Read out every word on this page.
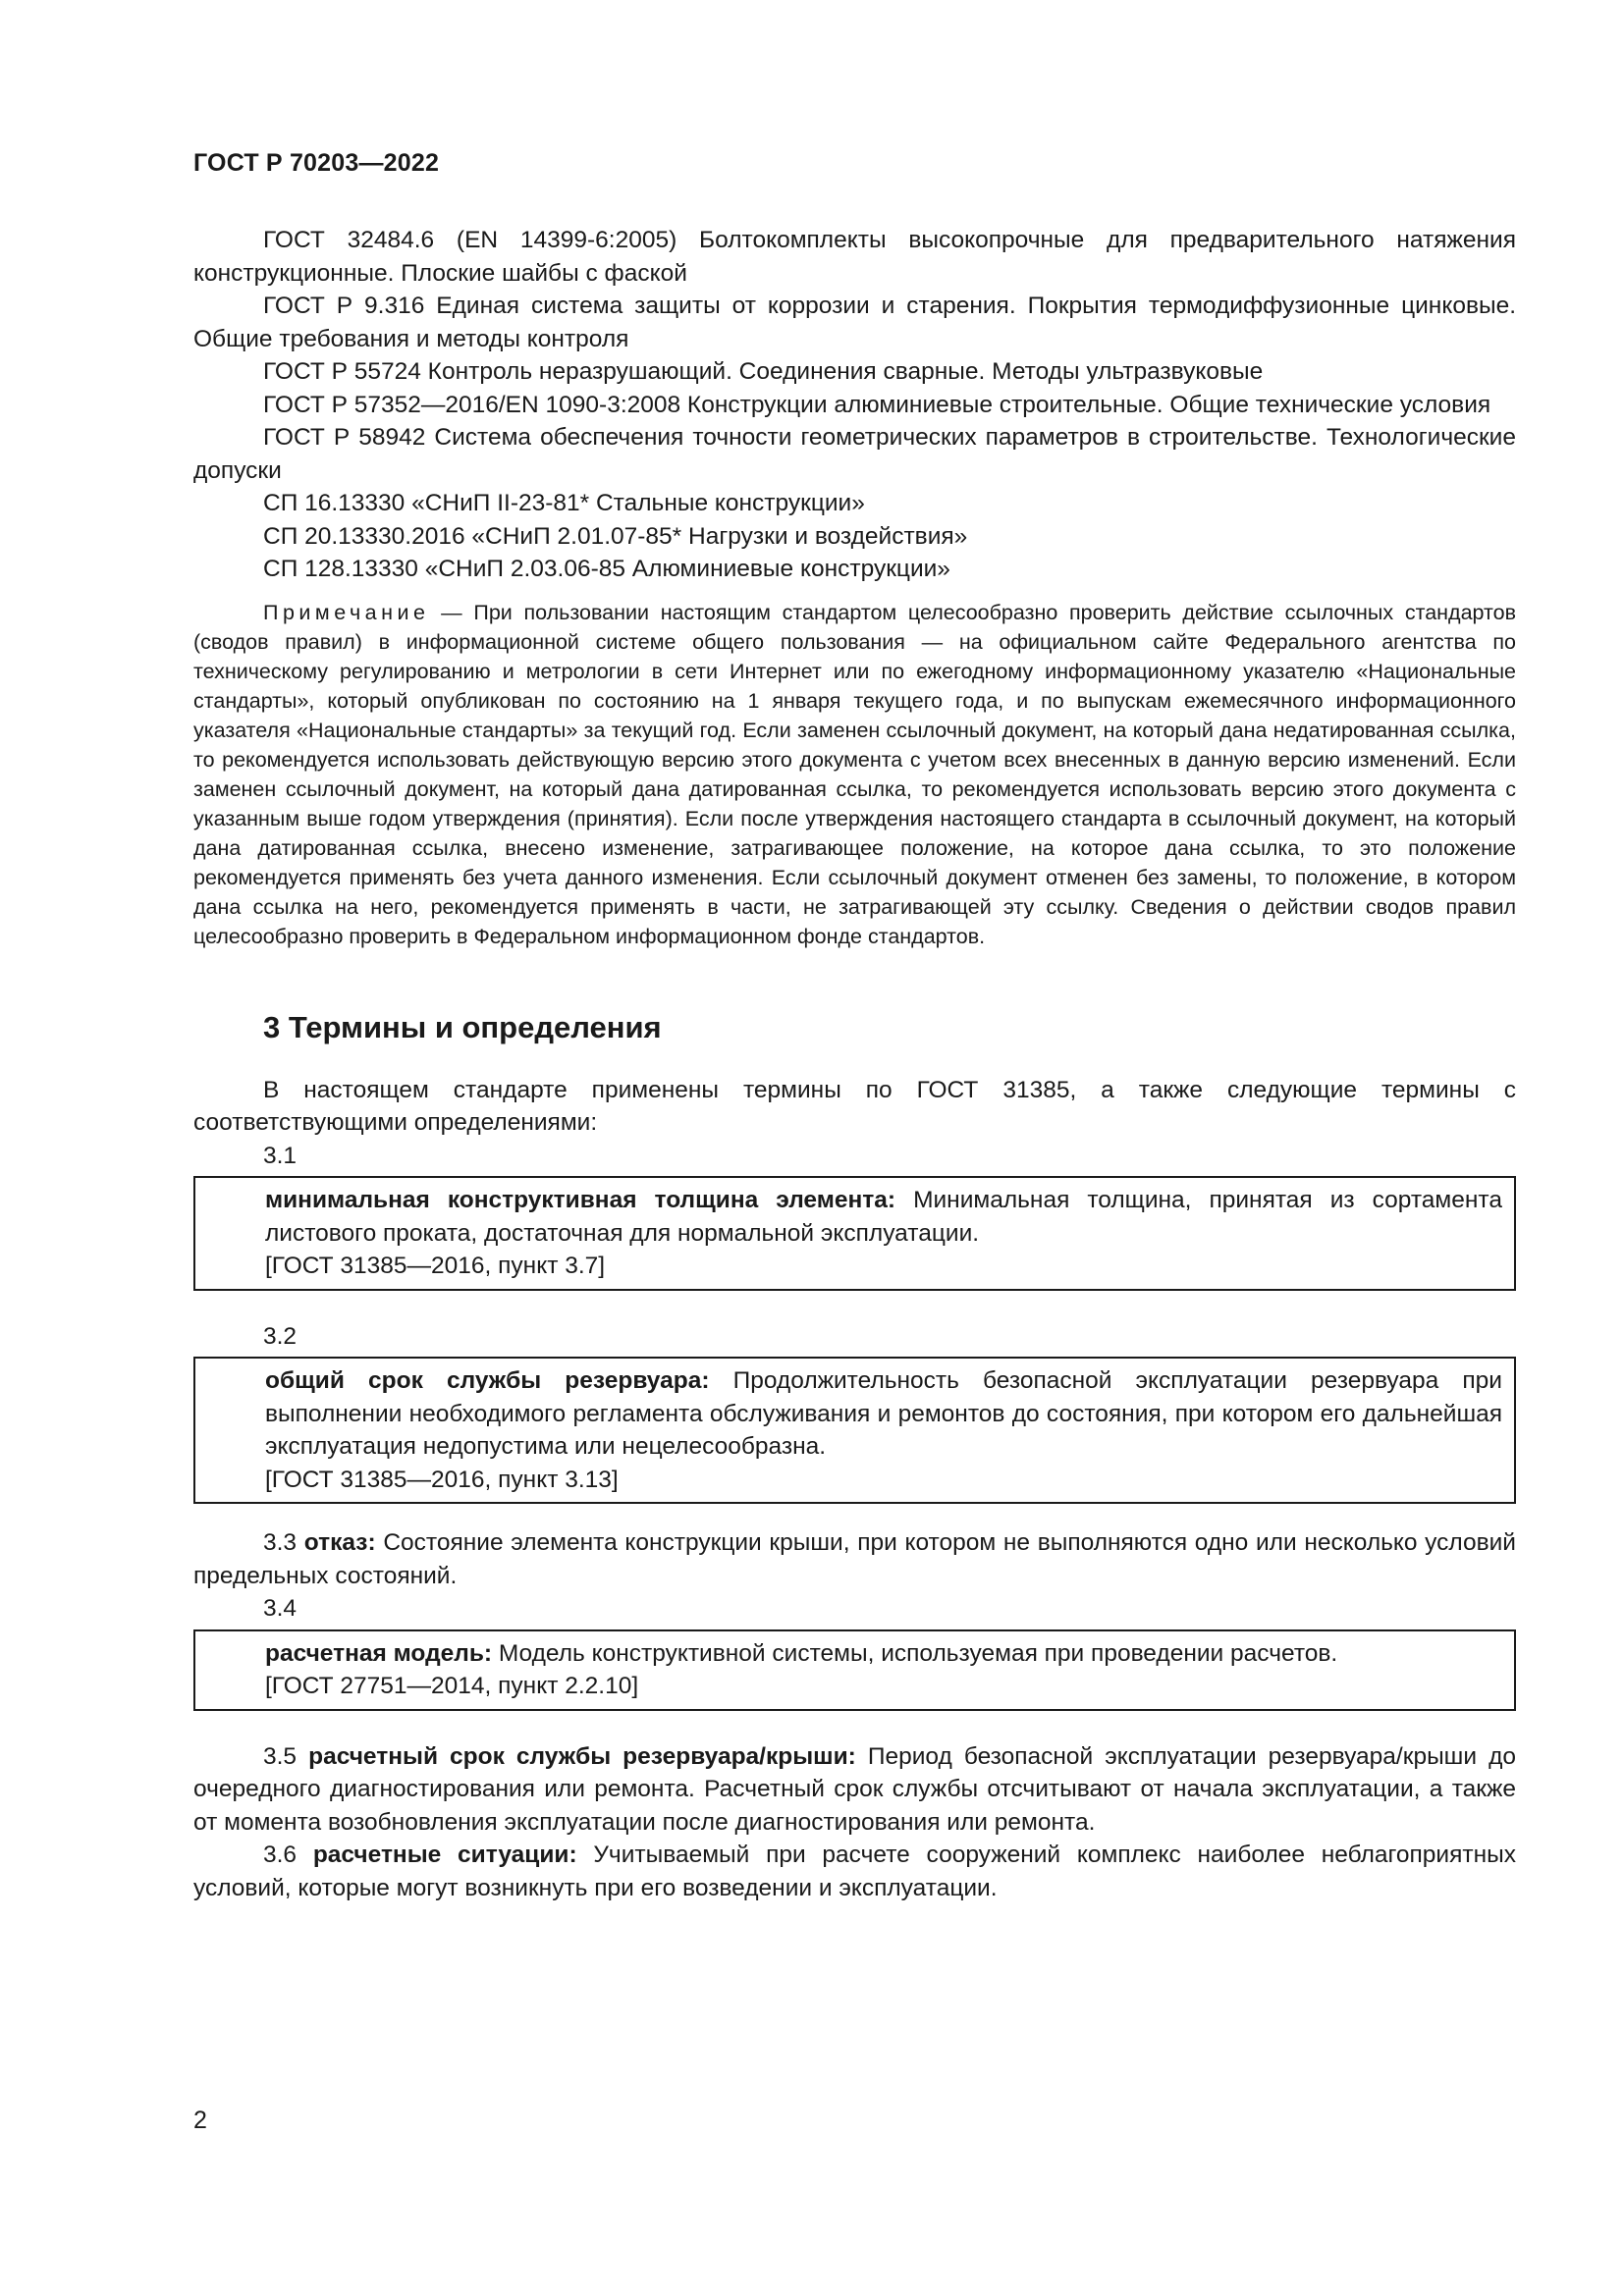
ГОСТ Р 70203—2022

ГОСТ 32484.6 (EN 14399-6:2005) Болтокомплекты высокопрочные для предварительного натяжения конструкционные. Плоские шайбы с фаской

ГОСТ Р 9.316 Единая система защиты от коррозии и старения. Покрытия термодиффузионные цинковые. Общие требования и методы контроля

ГОСТ Р 55724 Контроль неразрушающий. Соединения сварные. Методы ультразвуковые

ГОСТ Р 57352—2016/EN 1090-3:2008 Конструкции алюминиевые строительные. Общие технические условия

ГОСТ Р 58942 Система обеспечения точности геометрических параметров в строительстве. Технологические допуски

СП 16.13330 «СНиП II-23-81* Стальные конструкции»

СП 20.13330.2016 «СНиП 2.01.07-85* Нагрузки и воздействия»

СП 128.13330 «СНиП 2.03.06-85 Алюминиевые конструкции»

Примечание — При пользовании настоящим стандартом целесообразно проверить действие ссылочных стандартов (сводов правил) в информационной системе общего пользования — на официальном сайте Федерального агентства по техническому регулированию и метрологии в сети Интернет или по ежегодному информационному указателю «Национальные стандарты», который опубликован по состоянию на 1 января текущего года, и по выпускам ежемесячного информационного указателя «Национальные стандарты» за текущий год. Если заменен ссылочный документ, на который дана недатированная ссылка, то рекомендуется использовать действующую версию этого документа с учетом всех внесенных в данную версию изменений. Если заменен ссылочный документ, на который дана датированная ссылка, то рекомендуется использовать версию этого документа с указанным выше годом утверждения (принятия). Если после утверждения настоящего стандарта в ссылочный документ, на который дана датированная ссылка, внесено изменение, затрагивающее положение, на которое дана ссылка, то это положение рекомендуется применять без учета данного изменения. Если ссылочный документ отменен без замены, то положение, в котором дана ссылка на него, рекомендуется применять в части, не затрагивающей эту ссылку. Сведения о действии сводов правил целесообразно проверить в Федеральном информационном фонде стандартов.

3 Термины и определения

В настоящем стандарте применены термины по ГОСТ 31385, а также следующие термины с соответствующими определениями:

3.1

минимальная конструктивная толщина элемента: Минимальная толщина, принятая из сортамента листового проката, достаточная для нормальной эксплуатации.

[ГОСТ 31385—2016, пункт 3.7]

3.2

общий срок службы резервуара: Продолжительность безопасной эксплуатации резервуара при выполнении необходимого регламента обслуживания и ремонтов до состояния, при котором его дальнейшая эксплуатация недопустима или нецелесообразна.

[ГОСТ 31385—2016, пункт 3.13]

3.3 отказ: Состояние элемента конструкции крыши, при котором не выполняются одно или несколько условий предельных состояний.

3.4

расчетная модель: Модель конструктивной системы, используемая при проведении расчетов.

[ГОСТ 27751—2014, пункт 2.2.10]

3.5 расчетный срок службы резервуара/крыши: Период безопасной эксплуатации резервуара/крыши до очередного диагностирования или ремонта. Расчетный срок службы отсчитывают от начала эксплуатации, а также от момента возобновления эксплуатации после диагностирования или ремонта.

3.6 расчетные ситуации: Учитываемый при расчете сооружений комплекс наиболее неблагоприятных условий, которые могут возникнуть при его возведении и эксплуатации.

2
